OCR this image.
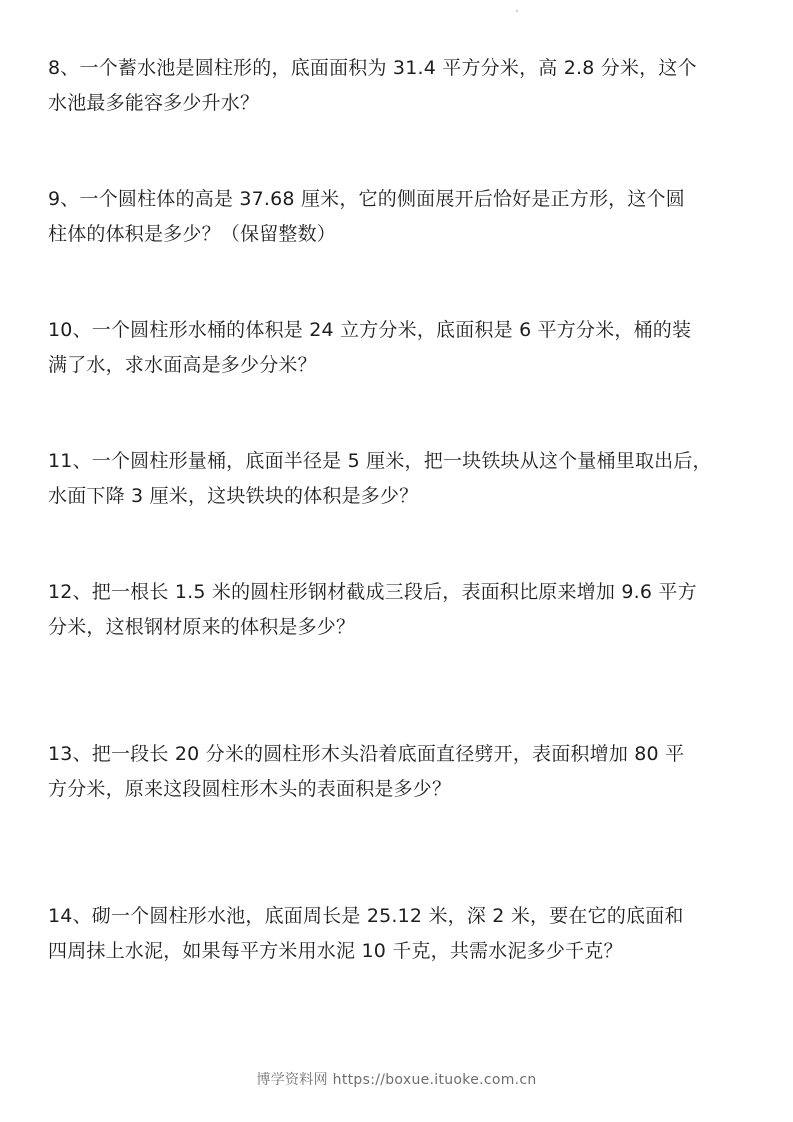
8、一个蓄水池是圆柱形的，底面面积为 31.4 平方分米，高 2.8 分米，这个
水池最多能容多少升水？

9、一个圆柱体的高是 37.68 厘米，它的侧面展开后恰好是正方形，这个圆
柱体的体积是多少？（保留整数）

10、一个圆柱形水桶的体积是 24 立方分米，底面积是 6 平方分米，桶的装
满了水，求水面高是多少分米？

11、一个圆柱形量桶，底面半径是 5 厘米，把一块铁块从这个量桶里取出后，
水面下降 3 厘米，这块铁块的体积是多少？

12、把一根长 1.5 米的圆柱形钢材截成三段后，表面积比原来增加 9.6 平方
分米，这根钢材原来的体积是多少？

13、把一段长 20 分米的圆柱形木头沿着底面直径劈开，表面积增加 80 平
方分米，原来这段圆柱形木头的表面积是多少？

14、砌一个圆柱形水池，底面周长是 25.12 米，深 2 米，要在它的底面和
四周抹上水泥，如果每平方米用水泥 10 千克，共需水泥多少千克？

博学资料网 https://boxue.ituoke.com.cn
